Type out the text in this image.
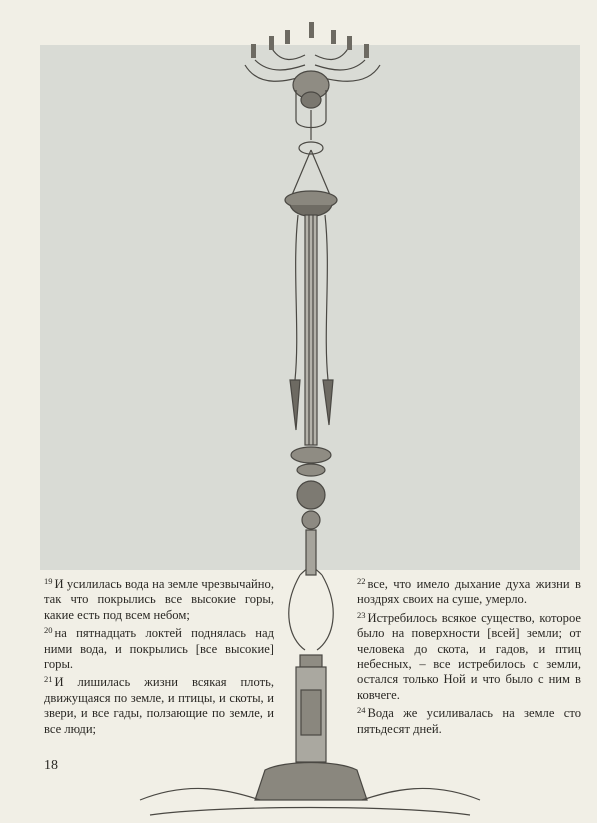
$^{19}$ И усилилась вода на земле чрезвычайно, так что покрылись все высокие горы, какие есть под всем небом;

$^{20}$ на пятнадцать локтей поднялась над ними вода, и покрылись [все высокие] горы.

$^{21}$ И лишилась жизни всякая плоть, движущаяся по земле, и птицы, и скоты, и звери, и все гады, ползающие по земле, и все люди;

$^{22}$ все, что имело дыхание духа жизни в ноздрях своих на суше, умерло.

$^{23}$ Истребилось всякое существо, которое было на поверхности [всей] земли; от человека до скота, и гадов, и птиц небесных, – все истребилось с земли, остался только Ной и что было с ним в ковчеге.

$^{24}$ Вода же усиливалась на земле сто пятьдесят дней.

18
